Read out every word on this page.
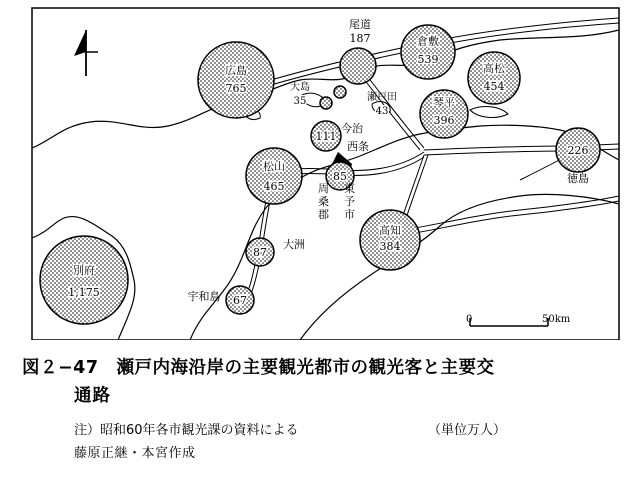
0	50km
尾道
187	倉敷
539
広島
765
高松
454
大島
35	瀬戸田
43
今治
111
琴平
396
西条
85
松山
465
徳島
226
高知
384
大洲
87
別府
1,175	宇和島 67
東
予
市
周
桑
郡
図２−47　 瀬戸内海沿岸の主要観光都市の観光客と主要交
通路
注）昭和60年各市観光課の資料による	（単位万人）
藤原正継・本宮作成
